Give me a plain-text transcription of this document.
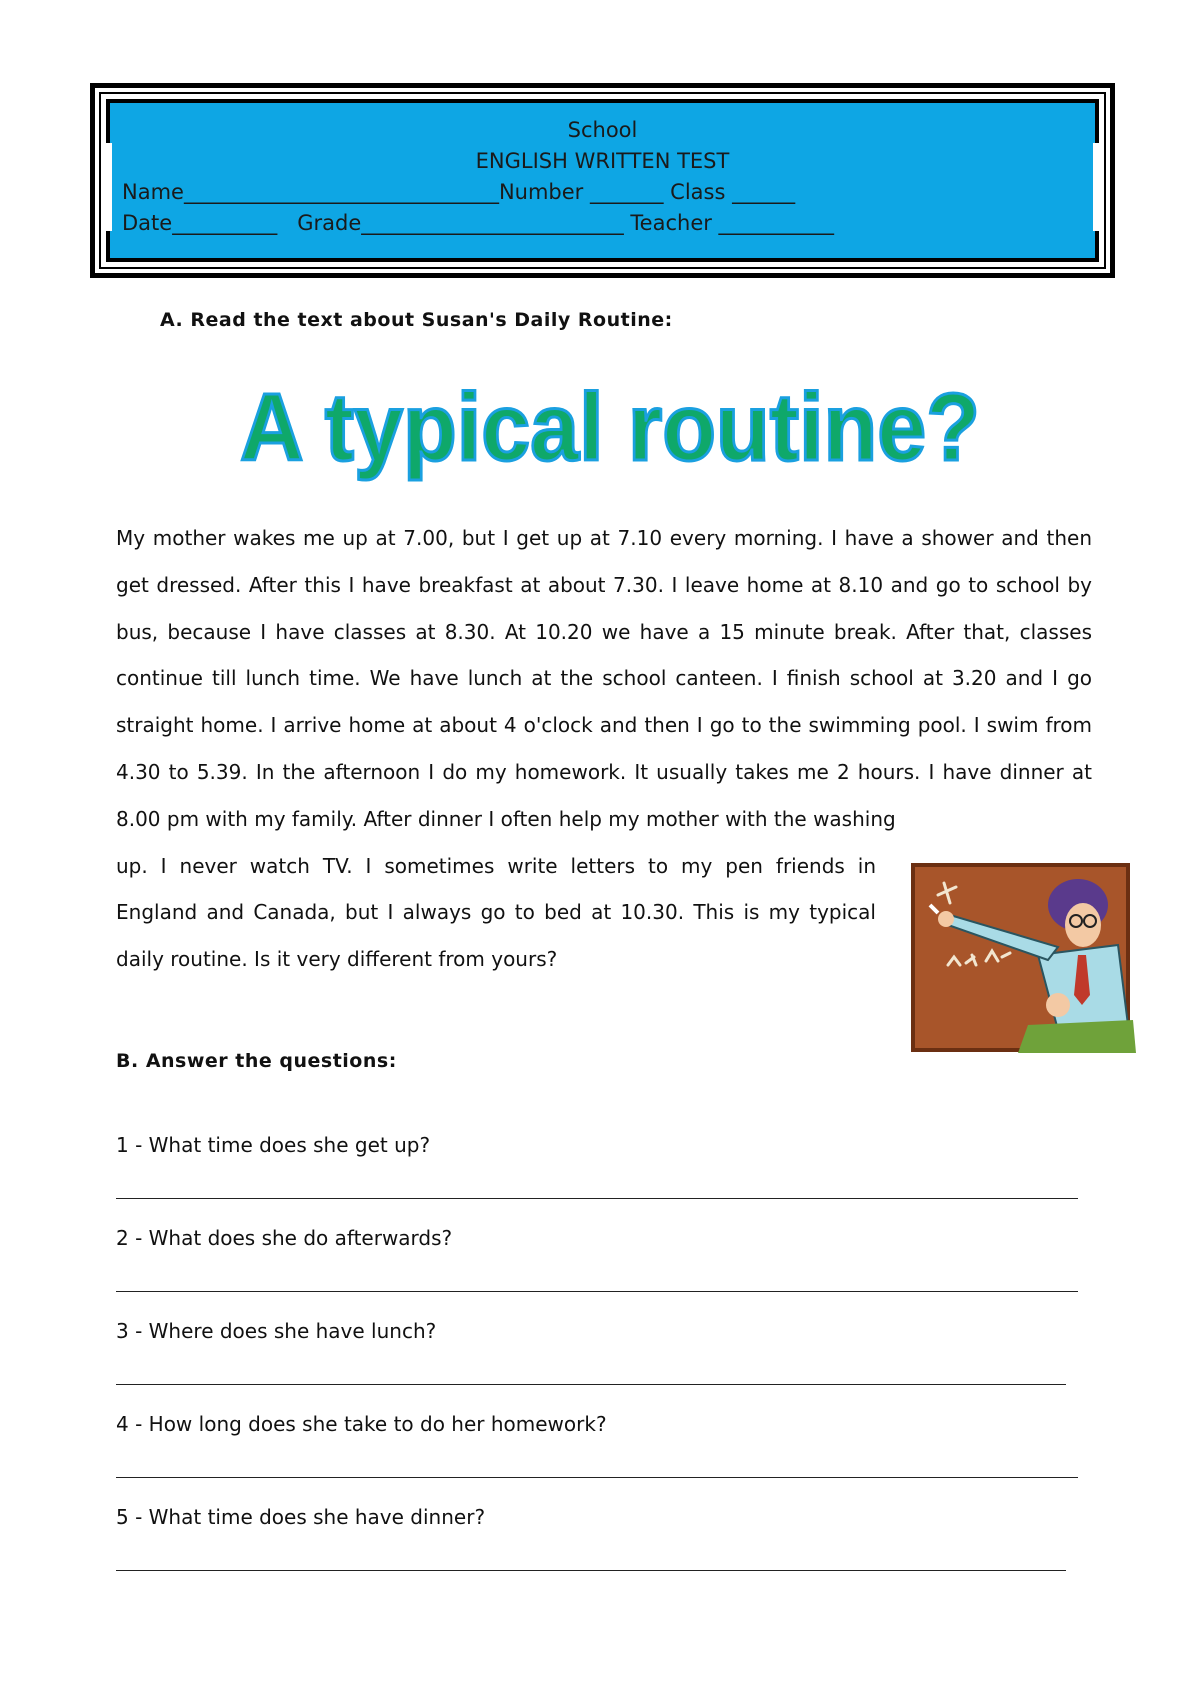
School
ENGLISH WRITTEN TEST
Name______________________________Number _______ Class ______
Date__________   Grade_________________________ Teacher ___________
A. Read the text about Susan's Daily Routine:
A typical routine?
My mother wakes me up at 7.00, but I get up at 7.10 every morning. I have a shower and then get dressed. After this I have breakfast at about 7.30. I leave home at 8.10 and go to school by bus, because I have classes at 8.30. At 10.20 we have a 15 minute break. After that, classes continue till lunch time. We have lunch at the school canteen. I finish school at 3.20 and I go straight home. I arrive home at about 4 o'clock and then I go to the swimming pool. I swim from 4.30 to 5.39. In the afternoon I do my homework. It usually takes me 2 hours. I have dinner at 8.00 pm with my family. After dinner I often help my mother with the washing
up. I never watch TV. I sometimes write letters to my pen friends in England and Canada, but I always go to bed at 10.30. This is my typical daily routine. Is it very different from yours?
B. Answer the questions:
1 - What time does she get up?
2 - What does she do afterwards?
3 - Where does she have lunch?
4 - How long does she take to do her homework?
5 - What time does she have dinner?
